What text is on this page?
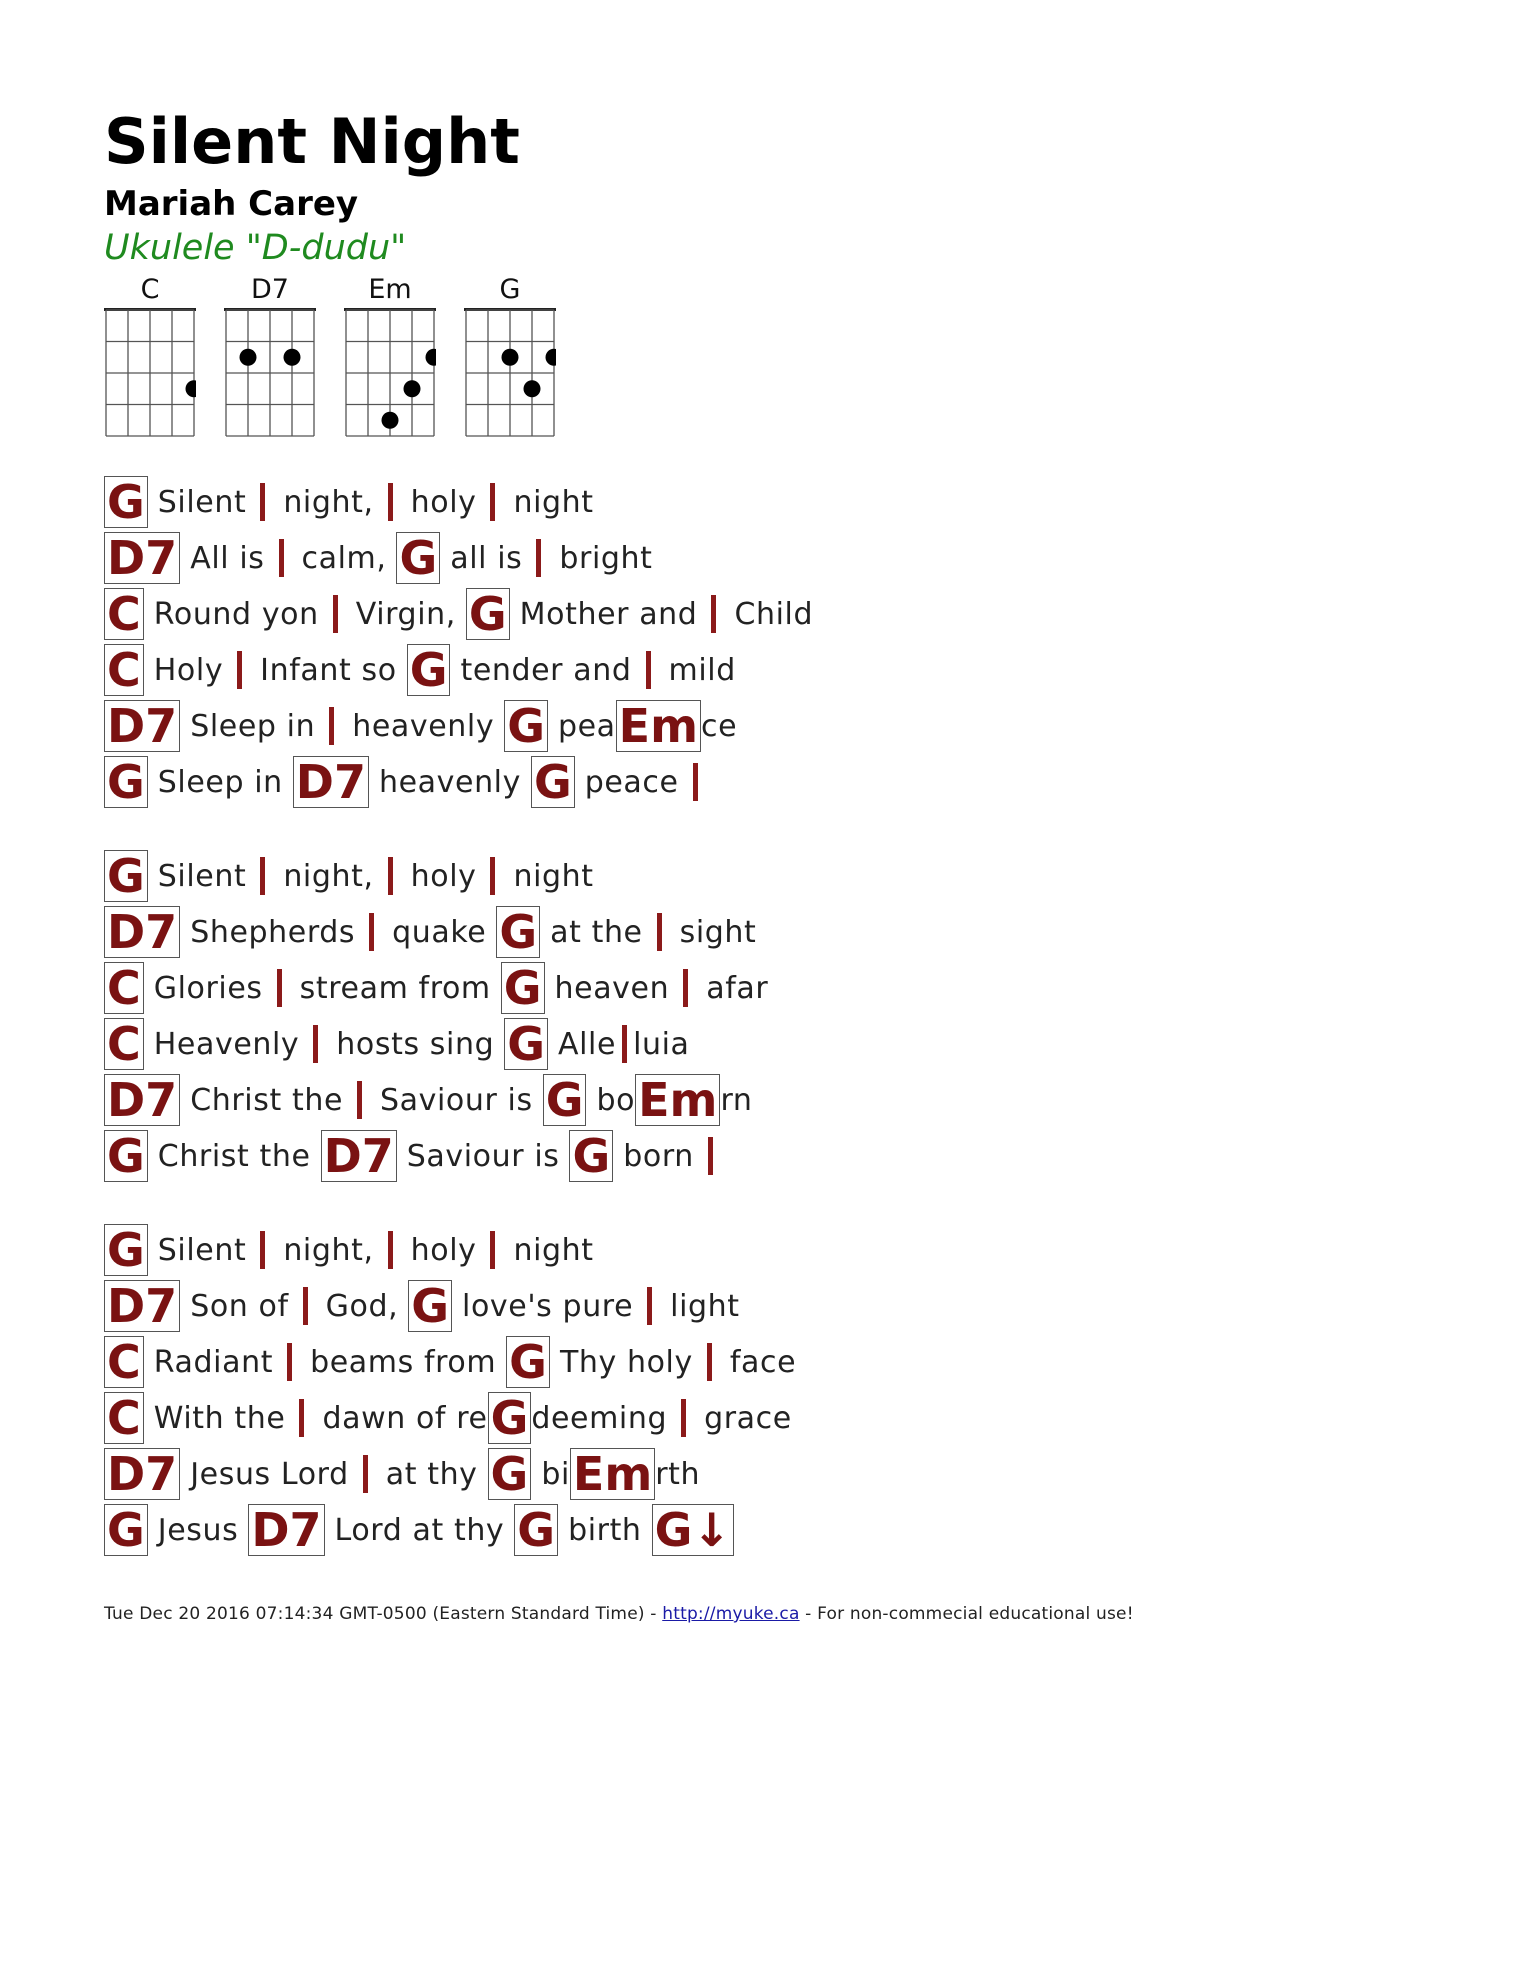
Silent Night
Mariah Carey
Ukulele "D-dudu"
C	D7	Em	G
G Silent night, holy night
D7 All is calm, G all is bright
C Round yon Virgin, G Mother and Child
C Holy Infant so G tender and mild
D7 Sleep in heavenly G pea Em ce
G Sleep in D7 heavenly G peace
G Silent night, holy night
D7 Shepherds quake G at the sight
C Glories stream from G heaven afar
C Heavenly hosts sing G Alle luia
D7 Christ the Saviour is G bo Em rn
G Christ the D7 Saviour is G born
G Silent night, holy night
D7 Son of God, G love's pure light
C Radiant beams from G Thy holy face
C With the dawn of re G deeming grace
D7 Jesus Lord at thy G bi Em rth
G Jesus D7 Lord at thy G birth G↓
Tue Dec 20 2016 07:14:34 GMT-0500 (Eastern Standard Time) - http://myuke.ca - For non-commecial educational use!
